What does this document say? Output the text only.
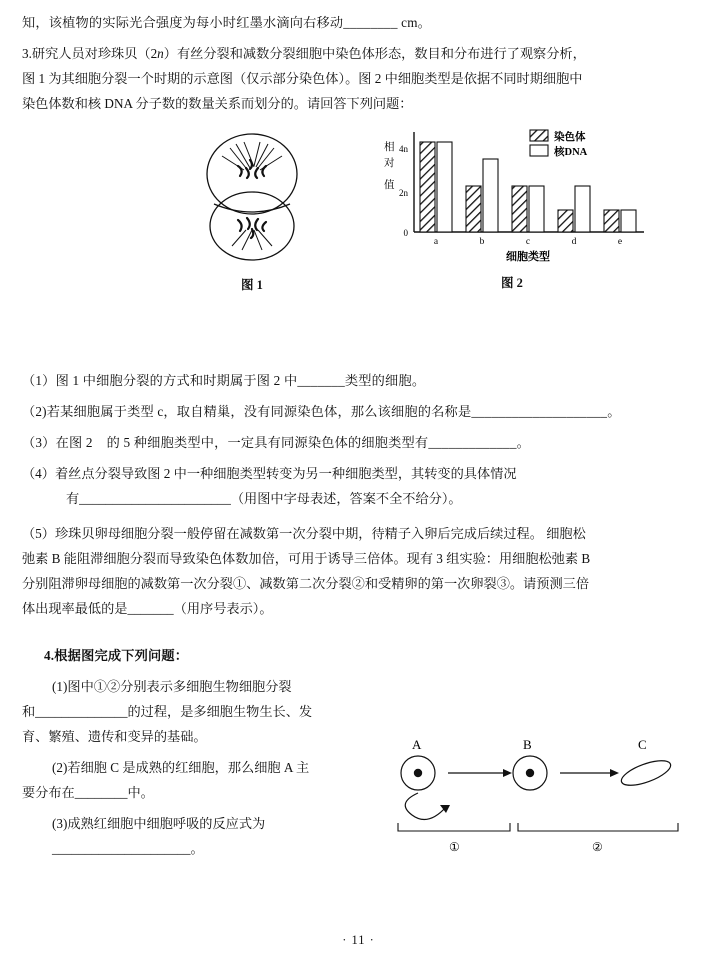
知，该植物的实际光合强度为每小时红墨水滴向右移动________ cm。

3.研究人员对珍珠贝（2n）有丝分裂和减数分裂细胞中染色体形态，数目和分布进行了观察分析，

图 1 为其细胞分裂一个时期的示意图（仅示部分染色体）。图 2 中细胞类型是依据不同时期细胞中

染色体数和核 DNA 分子数的数量关系而划分的。请回答下列问题：

图 1
0
2n
4n
相
对
值
a	b	c	d	e
细胞类型
染色体
核DNA
图 2

（1）图 1 中细胞分裂的方式和时期属于图 2 中_______类型的细胞。

（2)若某细胞属于类型 c，取自精巢，没有同源染色体，那么该细胞的名称是____________________。

（3）在图 2    的 5 种细胞类型中，一定具有同源染色体的细胞类型有_____________。

（4）着丝点分裂导致图 2 中一种细胞类型转变为另一种细胞类型，其转变的具体情况

有_______________________（用图中字母表述，答案不全不给分）。

（5）珍珠贝卵母细胞分裂一般停留在减数第一次分裂中期，待精子入卵后完成后续过程。 细胞松

弛素 B 能阻滞细胞分裂而导致染色体数加倍，可用于诱导三倍体。现有 3 组实验：用细胞松弛素 B

分别阻滞卵母细胞的减数第一次分裂①、减数第二次分裂②和受精卵的第一次卵裂③。请预测三倍

体出现率最低的是_______（用序号表示）。

4.根据图完成下列问题：

(1)图中①②分别表示多细胞生物细胞分裂

和______________的过程，是多细胞生物生长、发

育、繁殖、遗传和变异的基础。

(2)若细胞 C 是成熟的红细胞，那么细胞 A 主

要分布在________中。

(3)成熟红细胞中细胞呼吸的反应式为_____________________。

A	B	C
①	②
· 11 ·
